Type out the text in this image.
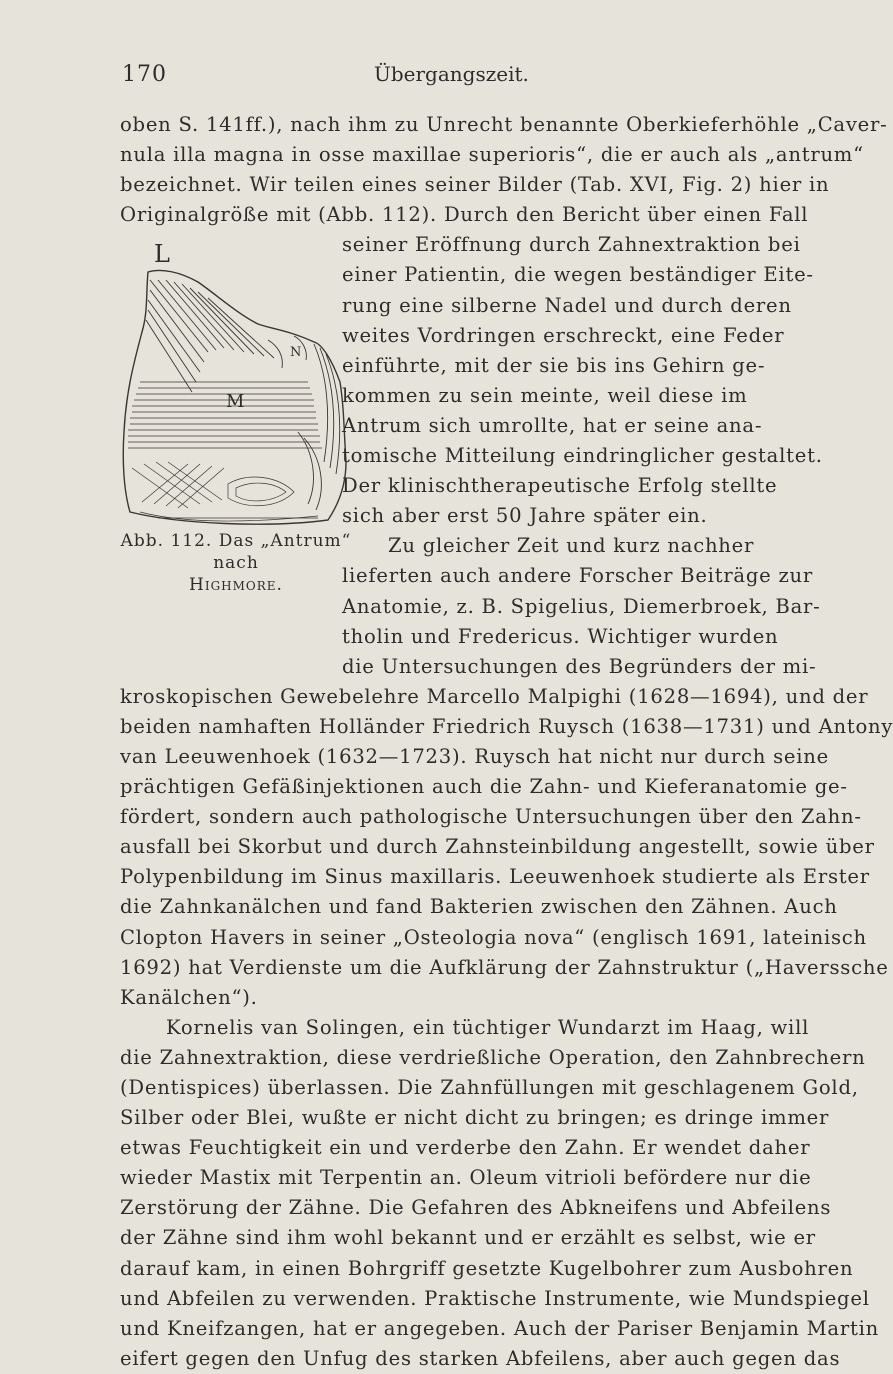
170	Übergangszeit.
L
M
N
Abb. 112. Das „Antrum“ nach
Highmore.
oben S. 141ff.), nach ihm zu Unrecht benannte Oberkieferhöhle „Caver-
nula illa magna in osse maxillae superioris“, die er auch als „antrum“
bezeichnet. Wir teilen eines seiner Bilder (Tab. XVI, Fig. 2) hier in
Originalgröße mit (Abb. 112). Durch den Bericht über einen Fall
seiner Eröffnung durch Zahnextraktion bei
einer Patientin, die wegen beständiger Eite-
rung eine silberne Nadel und durch deren
weites Vordringen erschreckt, eine Feder
einführte, mit der sie bis ins Gehirn ge-
kommen zu sein meinte, weil diese im
Antrum sich umrollte, hat er seine ana-
tomische Mitteilung eindringlicher gestaltet.
Der klinischtherapeutische Erfolg stellte
sich aber erst 50 Jahre später ein.
Zu gleicher Zeit und kurz nachher
lieferten auch andere Forscher Beiträge zur
Anatomie, z. B. Spigelius, Diemerbroek, Bar-
tholin und Fredericus. Wichtiger wurden
die Untersuchungen des Begründers der mi-
kroskopischen Gewebelehre Marcello Malpighi (1628—1694), und der
beiden namhaften Holländer Friedrich Ruysch (1638—1731) und Antony
van Leeuwenhoek (1632—1723). Ruysch hat nicht nur durch seine
prächtigen Gefäßinjektionen auch die Zahn- und Kieferanatomie ge-
fördert, sondern auch pathologische Untersuchungen über den Zahn-
ausfall bei Skorbut und durch Zahnsteinbildung angestellt, sowie über
Polypenbildung im Sinus maxillaris. Leeuwenhoek studierte als Erster
die Zahnkanälchen und fand Bakterien zwischen den Zähnen. Auch
Clopton Havers in seiner „Osteologia nova“ (englisch 1691, lateinisch
1692) hat Verdienste um die Aufklärung der Zahnstruktur („Haverssche
Kanälchen“).
Kornelis van Solingen, ein tüchtiger Wundarzt im Haag, will
die Zahnextraktion, diese verdrießliche Operation, den Zahnbrechern
(Dentispices) überlassen. Die Zahnfüllungen mit geschlagenem Gold,
Silber oder Blei, wußte er nicht dicht zu bringen; es dringe immer
etwas Feuchtigkeit ein und verderbe den Zahn. Er wendet daher
wieder Mastix mit Terpentin an. Oleum vitrioli befördere nur die
Zerstörung der Zähne. Die Gefahren des Abkneifens und Abfeilens
der Zähne sind ihm wohl bekannt und er erzählt es selbst, wie er
darauf kam, in einen Bohrgriff gesetzte Kugelbohrer zum Ausbohren
und Abfeilen zu verwenden. Praktische Instrumente, wie Mundspiegel
und Kneifzangen, hat er angegeben. Auch der Pariser Benjamin Martin
eifert gegen den Unfug des starken Abfeilens, aber auch gegen das
